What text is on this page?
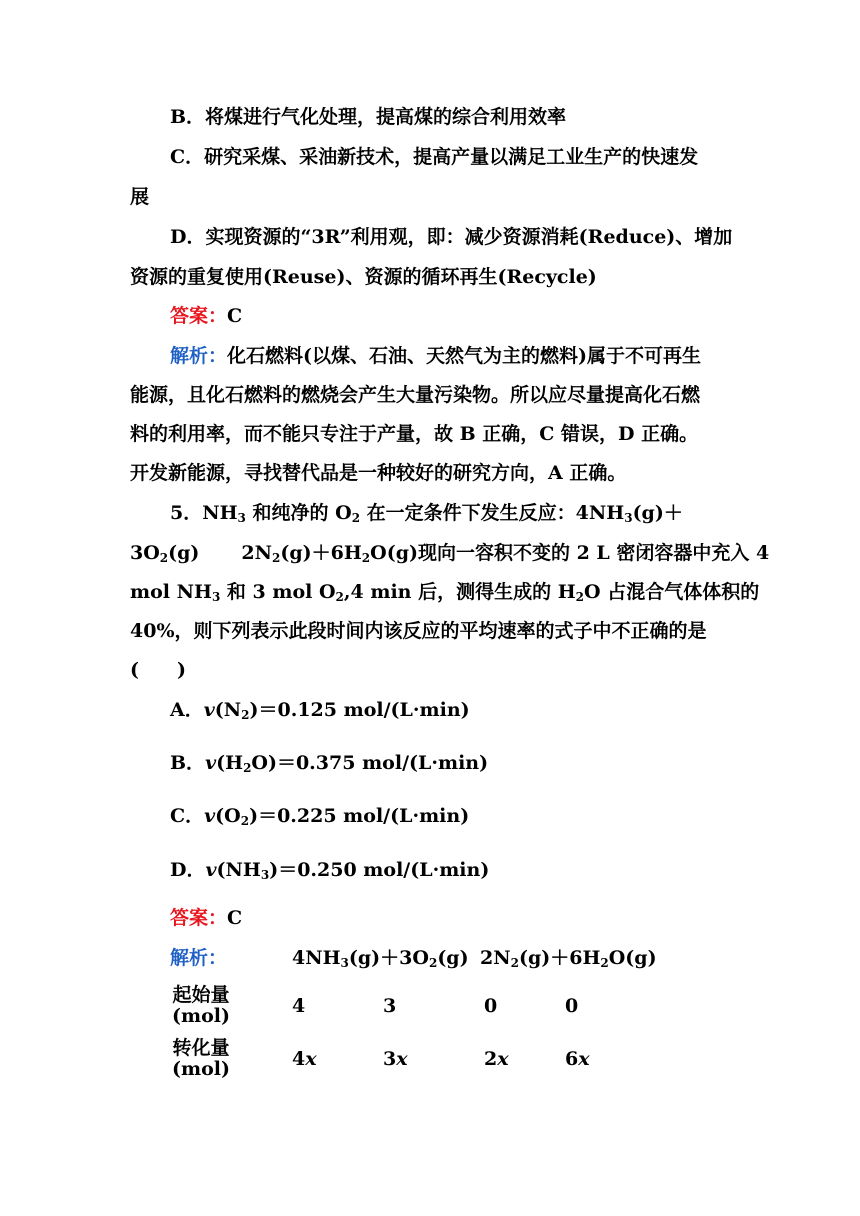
B．将煤进行气化处理，提高煤的综合利用效率
C．研究采煤、采油新技术，提高产量以满足工业生产的快速发
展
D．实现资源的“3R”利用观，即：减少资源消耗(Reduce)、增加
资源的重复使用(Reuse)、资源的循环再生(Recycle)
答案：C
解析：化石燃料(以煤、石油、天然气为主的燃料)属于不可再生
能源，且化石燃料的燃烧会产生大量污染物。所以应尽量提高化石燃
料的利用率，而不能只专注于产量，故 B 正确，C 错误，D 正确。
开发新能源，寻找替代品是一种较好的研究方向，A 正确。
5．$NH_3$ 和纯净的 $O_2$ 在一定条件下发生反应：$4NH_3(g)+$
$3O_2(g)$ $2N_2(g)+6H_2O(g)$现向一容积不变的 2 L 密闭容器中充入 4
mol $NH_3$ 和 3 mol $O_2,4$ min 后，测得生成的 $H_2O$ 占混合气体体积的
40%，则下列表示此段时间内该反应的平均速率的式子中不正确的是
(　　)
A．$v(N_2)=0.125$ mol/(L·min)
B．$v(H_2O)=0.375$ mol/(L·min)
C．$v(O_2)=0.225$ mol/(L·min)
D．$v(NH_3)=0.250$ mol/(L·min)
答案：C
解析：	$4NH_3(g)+3O_2(g)$ $2N_2(g)+6H_2O(g)$
起始量
(mol)	4	3	0	0
转化量
(mol)	4x	3x	2x	6x
